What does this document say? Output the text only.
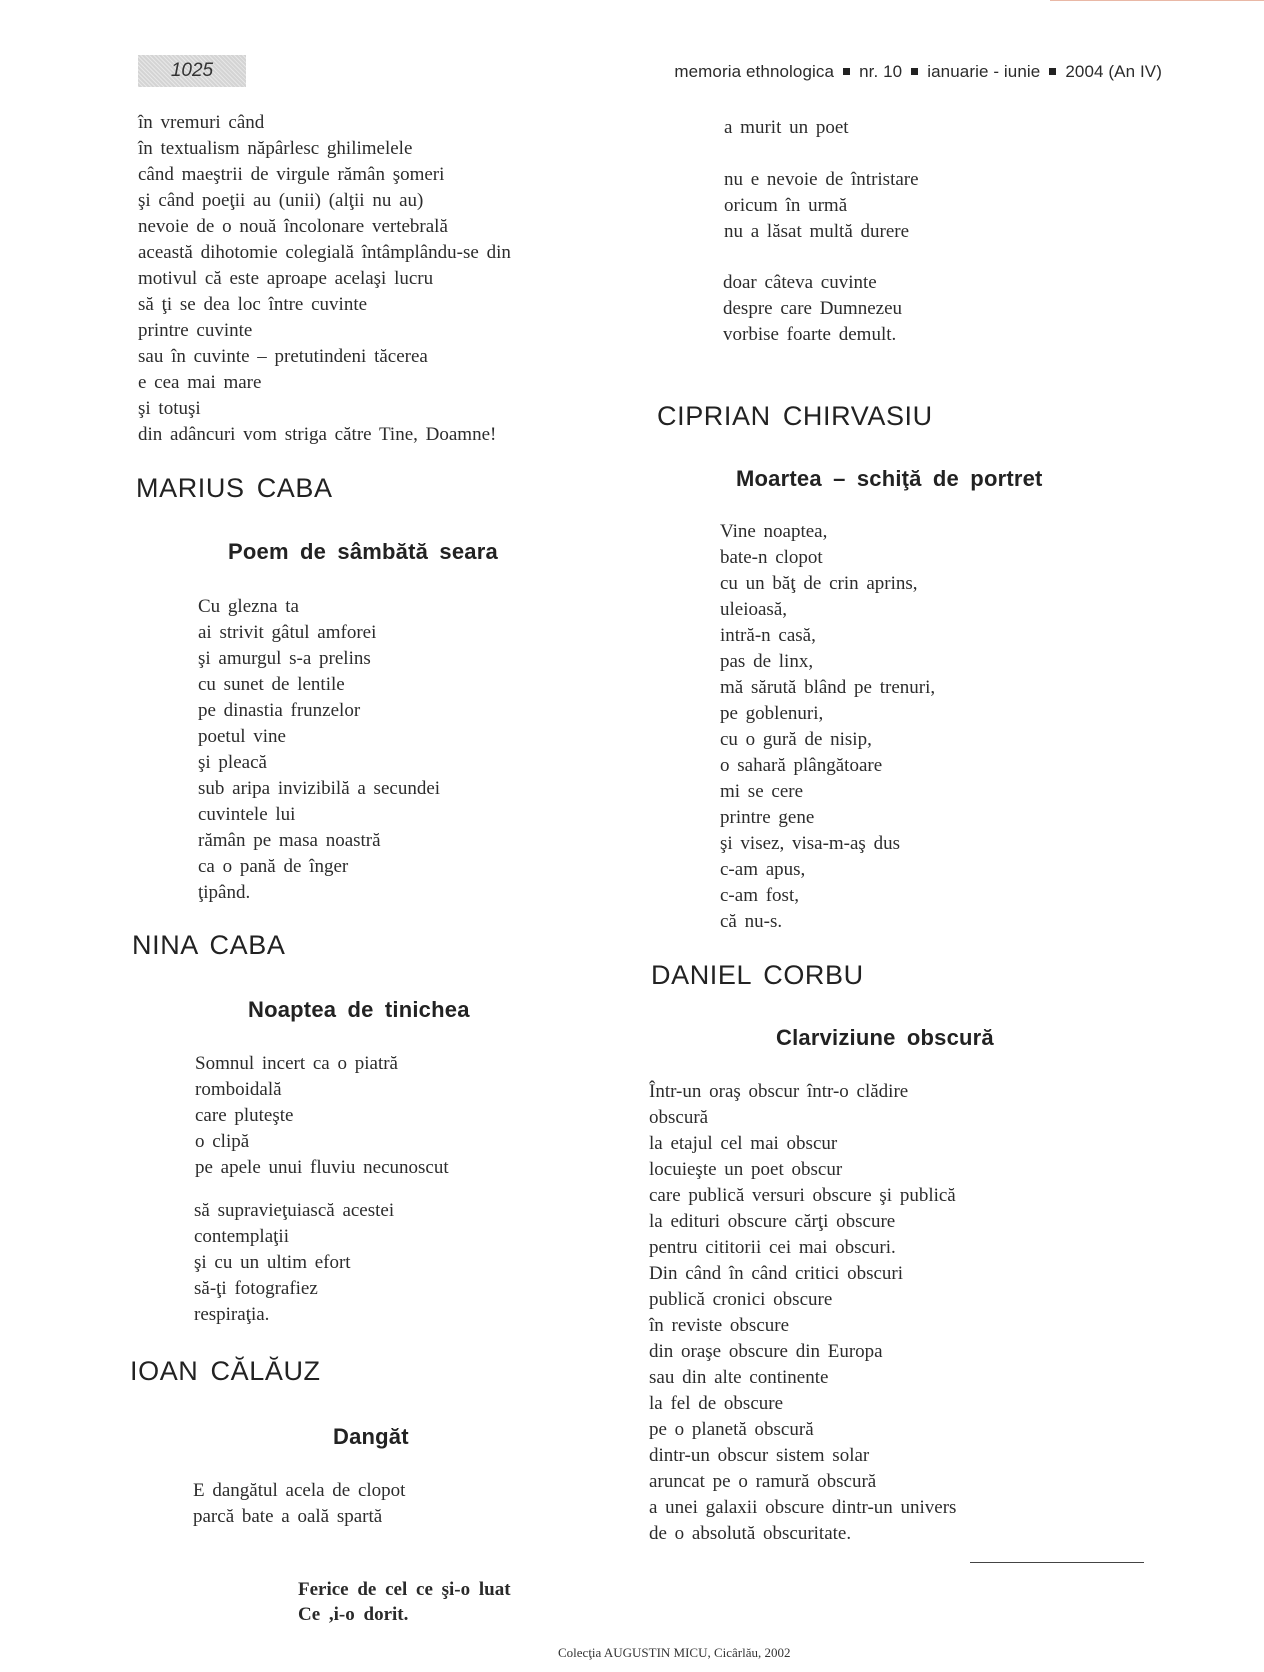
1025	memoria ethnologica nr. 10 ianuarie - iunie 2004 (An IV)
în vremuri când
în textualism năpârlesc ghilimelele
când maeştrii de virgule rămân şomeri
şi când poeţii au (unii) (alţii nu au)
nevoie de o nouă încolonare vertebrală
această dihotomie colegială întâmplându-se din
motivul că este aproape acelaşi lucru
să ţi se dea loc între cuvinte
printre cuvinte
sau în cuvinte – pretutindeni tăcerea
e cea mai mare
şi totuşi
din adâncuri vom striga către Tine, Doamne!
MARIUS CABA
Poem de sâmbătă seara
Cu glezna ta
ai strivit gâtul amforei
şi amurgul s-a prelins
cu sunet de lentile
pe dinastia frunzelor
poetul vine
şi pleacă
sub aripa invizibilă a secundei
cuvintele lui
rămân pe masa noastră
ca o pană de înger
ţipând.
NINA CABA
Noaptea de tinichea
Somnul incert ca o piatră
romboidală
care pluteşte
o clipă
pe apele unui fluviu necunoscut
să supravieţuiască acestei
contemplaţii
şi cu un ultim efort
să-ţi fotografiez
respiraţia.
IOAN CĂLĂUZ
Dangăt
E dangătul acela de clopot
parcă bate a oală spartă
Ferice de cel ce şi-o luat
Ce ,i-o dorit.
a murit un poet
nu e nevoie de întristare
oricum în urmă
nu a lăsat multă durere
doar câteva cuvinte
despre care Dumnezeu
vorbise foarte demult.
CIPRIAN CHIRVASIU
Moartea – schiţă de portret
Vine noaptea,
bate-n clopot
cu un băţ de crin aprins,
uleioasă,
intră-n casă,
pas de linx,
mă sărută blând pe trenuri,
pe goblenuri,
cu o gură de nisip,
o sahară plângătoare
mi se cere
printre gene
şi visez, visa-m-aş dus
c-am apus,
c-am fost,
că nu-s.
DANIEL CORBU
Clarviziune obscură
Într-un oraş obscur într-o clădire
obscură
la etajul cel mai obscur
locuieşte un poet obscur
care publică versuri obscure şi publică
la edituri obscure cărţi obscure
pentru cititorii cei mai obscuri.
Din când în când critici obscuri
publică cronici obscure
în reviste obscure
din oraşe obscure din Europa
sau din alte continente
la fel de obscure
pe o planetă obscură
dintr-un obscur sistem solar
aruncat pe o ramură obscură
a unei galaxii obscure dintr-un univers
de o absolută obscuritate.
Colecţia AUGUSTIN MICU, Cicârlău, 2002
